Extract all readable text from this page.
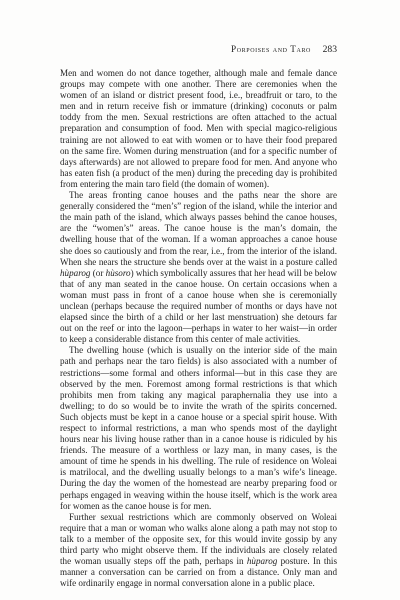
Porpoises and Taro 283

Men and women do not dance together, although male and female dance groups may compete with one another. There are ceremonies when the women of an island or district present food, i.e., breadfruit or taro, to the men and in return receive fish or immature (drinking) coconuts or palm toddy from the men. Sexual restrictions are often attached to the actual preparation and consumption of food. Men with special magico-religious training are not allowed to eat with women or to have their food prepared on the same fire. Women during menstruation (and for a specific number of days afterwards) are not allowed to prepare food for men. And anyone who has eaten fish (a product of the men) during the preceding day is prohibited from entering the main taro field (the domain of women).

The areas fronting canoe houses and the paths near the shore are generally considered the “men’s” region of the island, while the interior and the main path of the island, which always passes behind the canoe houses, are the “women’s” areas. The canoe house is the man’s domain, the dwelling house that of the woman. If a woman approaches a canoe house she does so cautiously and from the rear, i.e., from the interior of the island. When she nears the structure she bends over at the waist in a posture called hùparog (or hùsoro) which symbolically assures that her head will be below that of any man seated in the canoe house. On certain occasions when a woman must pass in front of a canoe house when she is ceremonially unclean (perhaps because the required number of months or days have not elapsed since the birth of a child or her last menstruation) she detours far out on the reef or into the lagoon—perhaps in water to her waist—in order to keep a considerable distance from this center of male activities.

The dwelling house (which is usually on the interior side of the main path and perhaps near the taro fields) is also associated with a number of restrictions—some formal and others informal—but in this case they are observed by the men. Foremost among formal restrictions is that which prohibits men from taking any magical paraphernalia they use into a dwelling; to do so would be to invite the wrath of the spirits concerned. Such objects must be kept in a canoe house or a special spirit house. With respect to informal restrictions, a man who spends most of the daylight hours near his living house rather than in a canoe house is ridiculed by his friends. The measure of a worthless or lazy man, in many cases, is the amount of time he spends in his dwelling. The rule of residence on Woleai is matrilocal, and the dwelling usually belongs to a man’s wife’s lineage. During the day the women of the homestead are nearby preparing food or perhaps engaged in weaving within the house itself, which is the work area for women as the canoe house is for men.

Further sexual restrictions which are commonly observed on Woleai require that a man or woman who walks alone along a path may not stop to talk to a member of the opposite sex, for this would invite gossip by any third party who might observe them. If the individuals are closely related the woman usually steps off the path, perhaps in hùparog posture. In this manner a conversation can be carried on from a distance. Only man and wife ordinarily engage in normal conversation alone in a public place.
